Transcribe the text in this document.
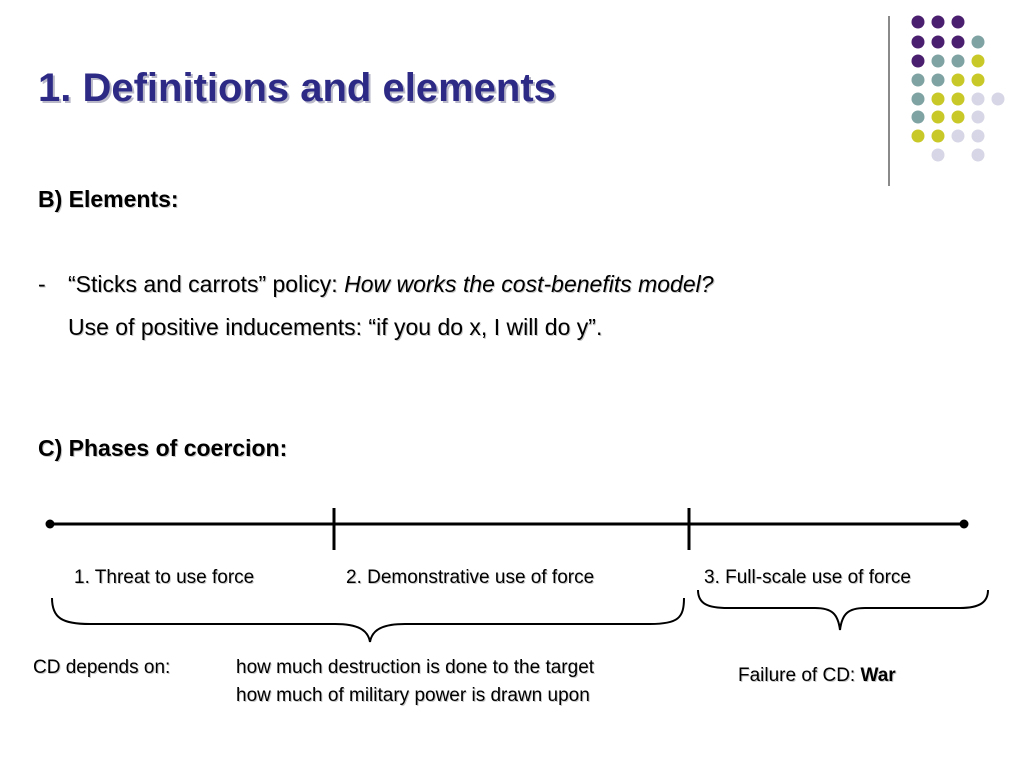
1. Definitions and elements
B) Elements:
- “Sticks and carrots” policy: How works the cost-benefits model?
Use of positive inducements: “if you do x, I will do y”.
C) Phases of coercion:
1. Threat to use force	2. Demonstrative use of force	3. Full-scale use of force
CD depends on:	how much destruction is done to the target
how much of military power is drawn upon
Failure of CD: War
